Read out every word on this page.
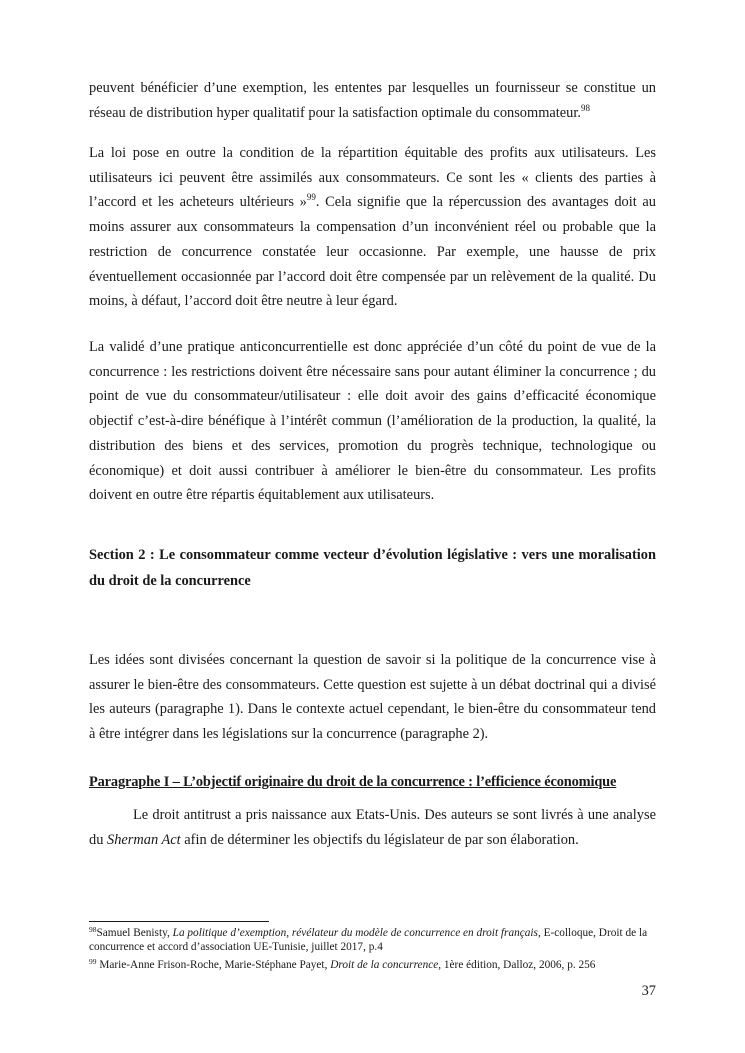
peuvent bénéficier d’une exemption, les ententes par lesquelles un fournisseur se constitue un réseau de distribution hyper qualitatif pour la satisfaction optimale du consommateur.$^{98}$

La loi pose en outre la condition de la répartition équitable des profits aux utilisateurs. Les utilisateurs ici peuvent être assimilés aux consommateurs. Ce sont les « clients des parties à l’accord et les acheteurs ultérieurs »$^{99}$. Cela signifie que la répercussion des avantages doit au moins assurer aux consommateurs la compensation d’un inconvénient réel ou probable que la restriction de concurrence constatée leur occasionne. Par exemple, une hausse de prix éventuellement occasionnée par l’accord doit être compensée par un relèvement de la qualité. Du moins, à défaut, l’accord doit être neutre à leur égard.

La validé d’une pratique anticoncurrentielle est donc appréciée d’un côté du point de vue de la concurrence : les restrictions doivent être nécessaire sans pour autant éliminer la concurrence ; du point de vue du consommateur/utilisateur : elle doit avoir des gains d’efficacité économique objectif c’est-à-dire bénéfique à l’intérêt commun (l’amélioration de la production, la qualité, la distribution des biens et des services, promotion du progrès technique, technologique ou économique) et doit aussi contribuer à améliorer le bien-être du consommateur. Les profits doivent en outre être répartis équitablement aux utilisateurs.

Section 2 : Le consommateur comme vecteur d’évolution législative : vers une moralisation du droit de la concurrence

Les idées sont divisées concernant la question de savoir si la politique de la concurrence vise à assurer le bien-être des consommateurs. Cette question est sujette à un débat doctrinal qui a divisé les auteurs (paragraphe 1). Dans le contexte actuel cependant, le bien-être du consommateur tend à être intégrer dans les législations sur la concurrence (paragraphe 2).

Paragraphe I – L’objectif originaire du droit de la concurrence : l’efficience économique

Le droit antitrust a pris naissance aux Etats-Unis. Des auteurs se sont livrés à une analyse du Sherman Act afin de déterminer les objectifs du législateur de par son élaboration.

$^{98}$Samuel Benisty, La politique d’exemption, révélateur du modèle de concurrence en droit français, E-colloque, Droit de la concurrence et accord d’association UE-Tunisie, juillet 2017, p.4

$^{99}$ Marie-Anne Frison-Roche, Marie-Stéphane Payet, Droit de la concurrence, 1ère édition, Dalloz, 2006, p. 256

37
